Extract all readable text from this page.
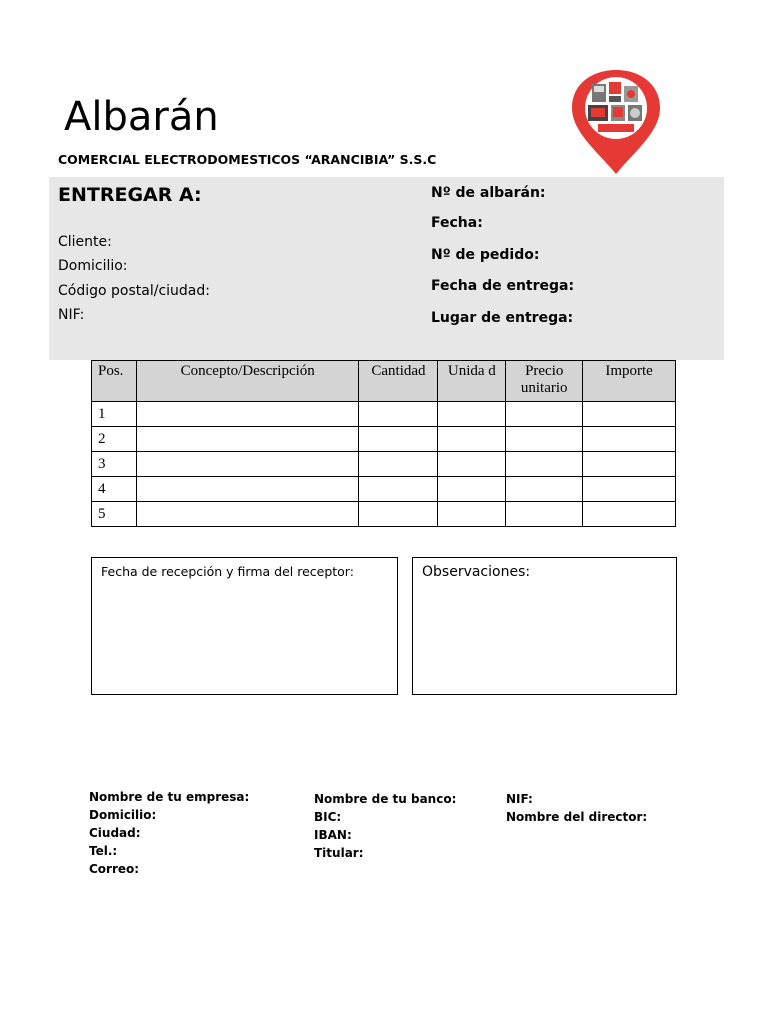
Albarán
COMERCIAL ELECTRODOMESTICOS “ARANCIBIA” S.S.C
ENTREGAR A:
Cliente:
Domicilio:
Código postal/ciudad:
NIF:
Nº de albarán:
Fecha:
Nº de pedido:
Fecha de entrega:
Lugar de entrega:
Pos.	Concepto/Descripción	Cantidad	Unida d	Precio unitario	Importe
1					
2					
3					
4					
5					
Fecha de recepción y firma del receptor:	Observaciones:
Nombre de tu empresa:
Domicilio:
Ciudad:
Tel.:
Correo:
Nombre de tu banco:
BIC:
IBAN:
Titular:
NIF:
Nombre del director:
